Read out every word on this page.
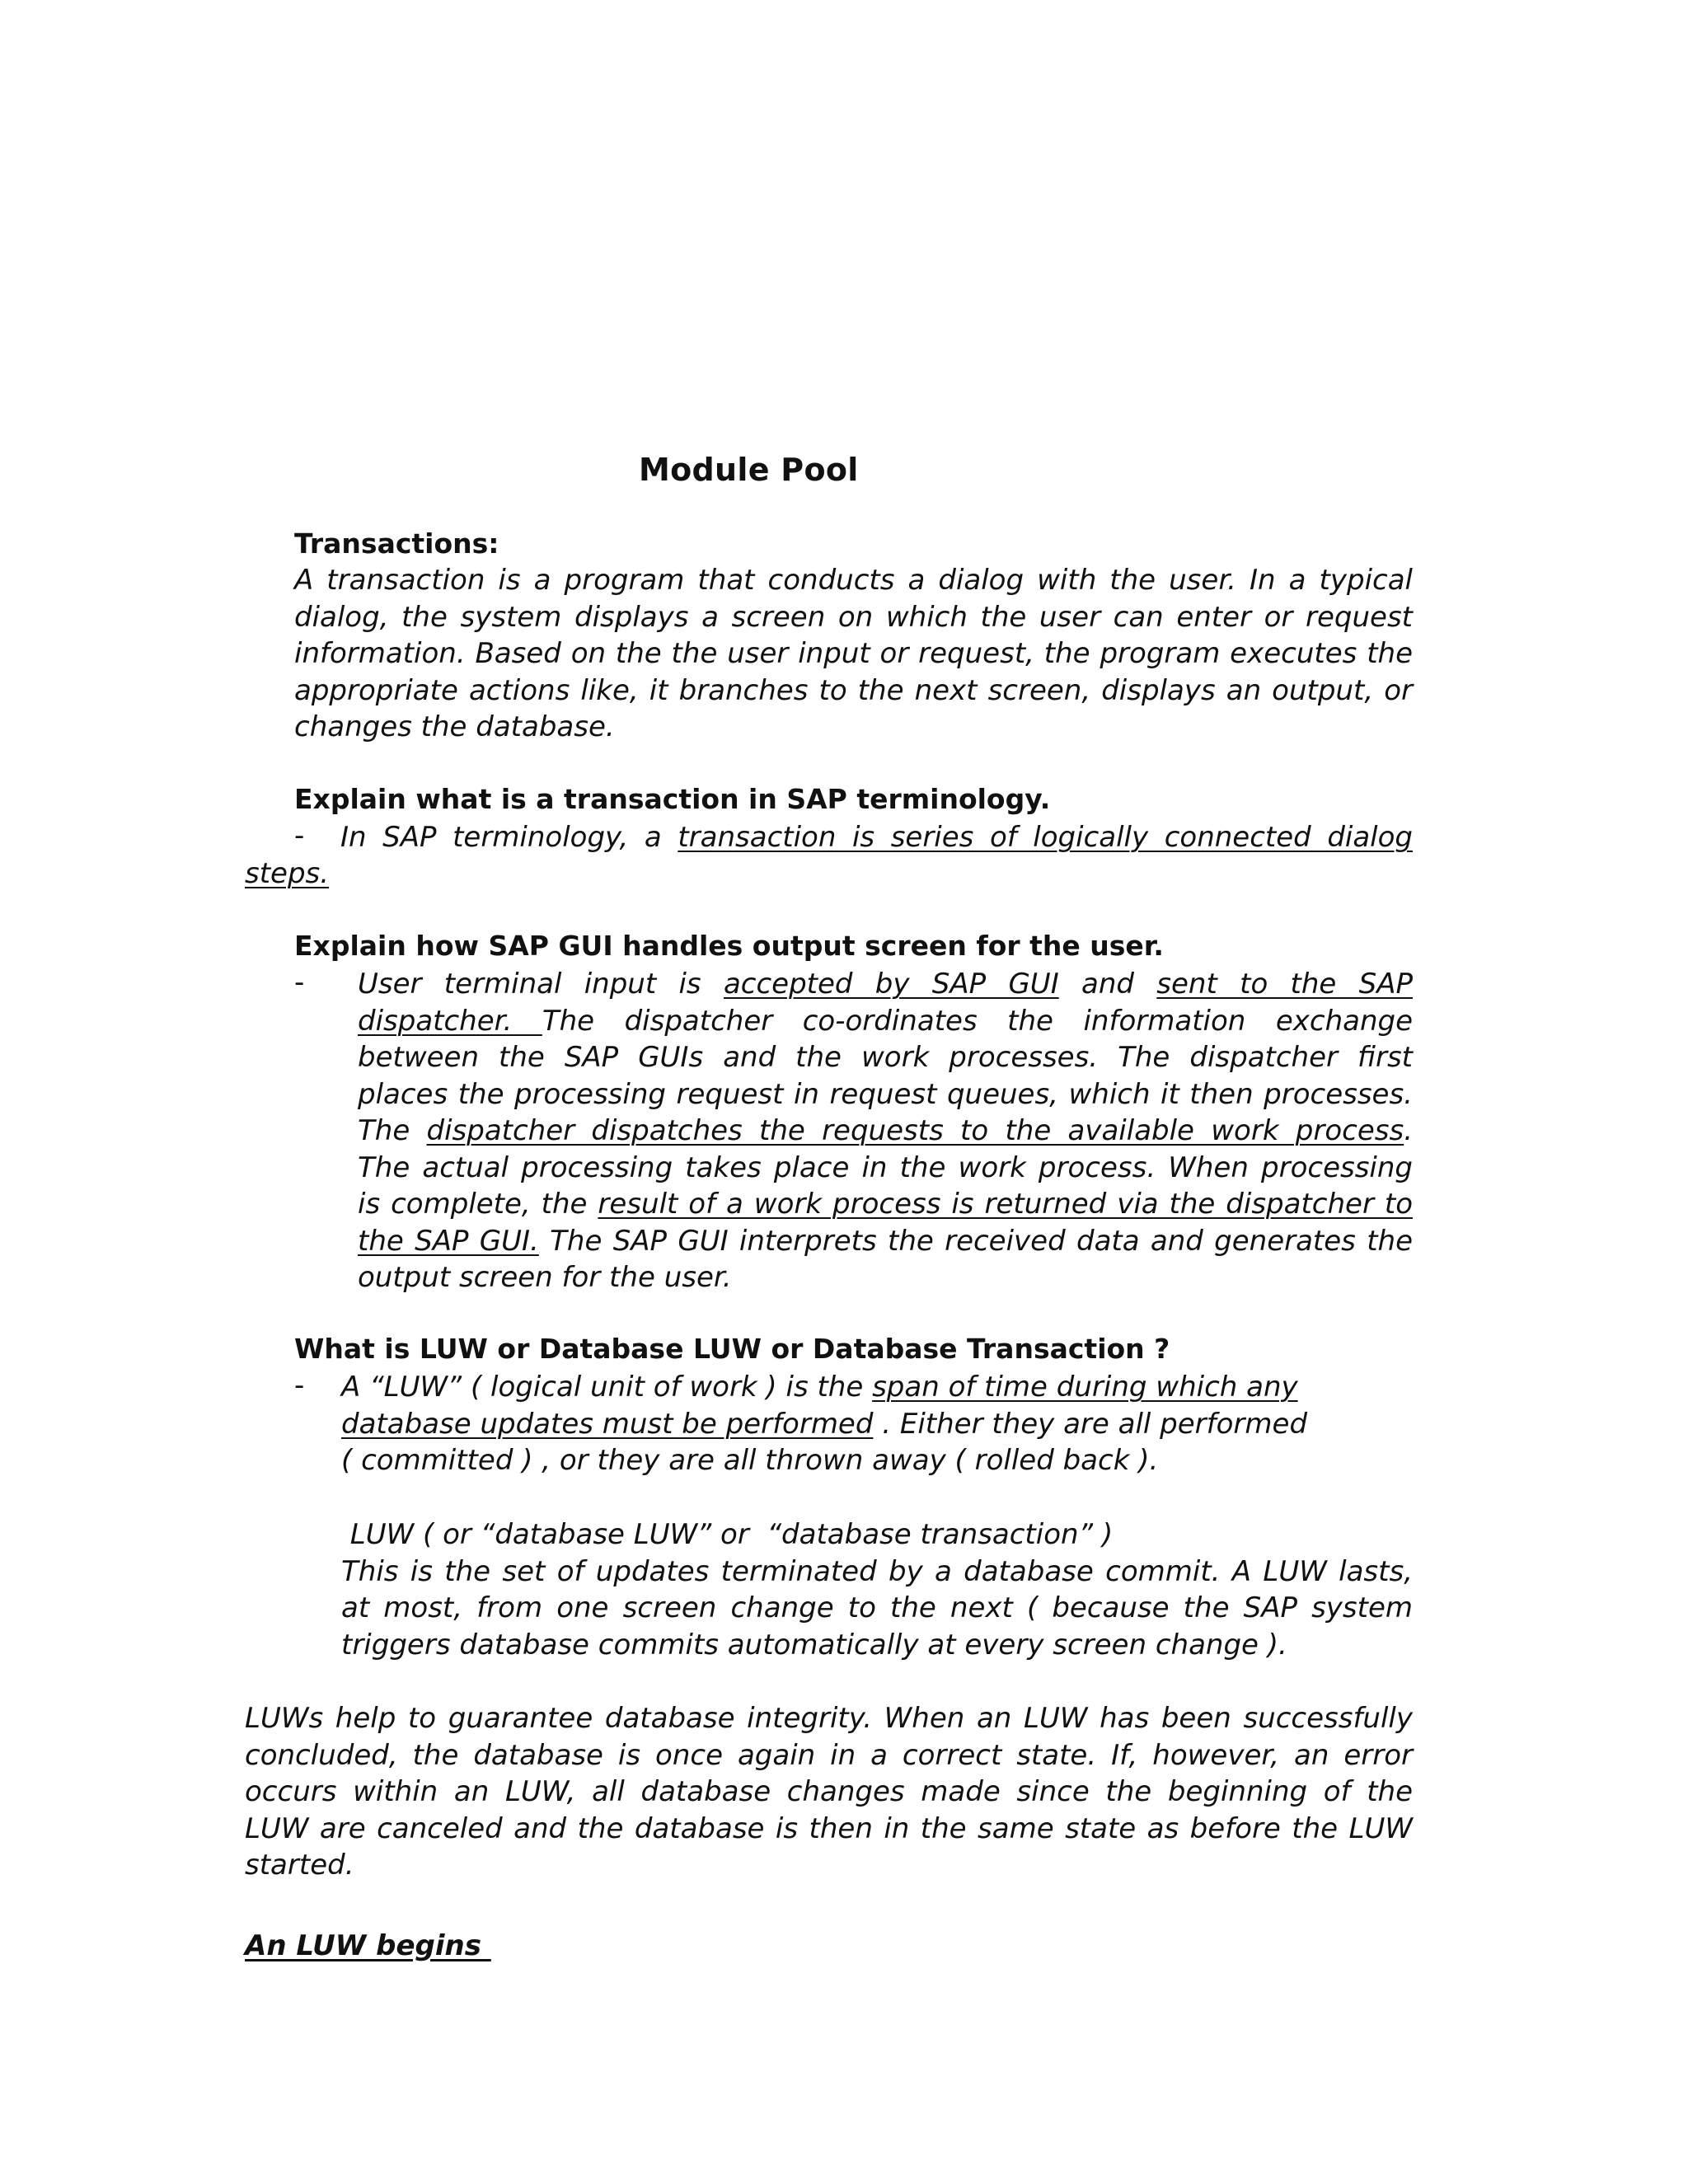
Module Pool
Transactions:

A transaction is a program that conducts a dialog with the user. In a typical
dialog, the system displays a screen on which the user can enter or request
information. Based on the the user input or request, the program executes the
appropriate actions like, it branches to the next screen, displays an output, or
changes the database.

Explain what is a transaction in SAP terminology.
- In SAP terminology, a transaction is series of logically connected dialog

steps.

Explain how SAP GUI handles output screen for the user.
- User terminal input is accepted by SAP GUI and sent to the SAP
dispatcher. The dispatcher co-ordinates the information exchange
between the SAP GUIs and the work processes. The dispatcher first
places the processing request in request queues, which it then processes.
The dispatcher dispatches the requests to the available work process.
The actual processing takes place in the work process. When processing
is complete, the result of a work process is returned via the dispatcher to
the SAP GUI. The SAP GUI interprets the received data and generates the
output screen for the user.

What is LUW or Database LUW or Database Transaction ?
- A “LUW” ( logical unit of work ) is the span of time during which any
database updates must be performed . Either they are all performed
( committed ) , or they are all thrown away ( rolled back ).

LUW ( or “database LUW” or  “database transaction” )
This is the set of updates terminated by a database commit. A LUW lasts,
at most, from one screen change to the next ( because the SAP system
triggers database commits automatically at every screen change ).

LUWs help to guarantee database integrity. When an LUW has been successfully
concluded, the database is once again in a correct state. If, however, an error
occurs within an LUW, all database changes made since the beginning of the
LUW are canceled and the database is then in the same state as before the LUW
started.

An LUW begins
